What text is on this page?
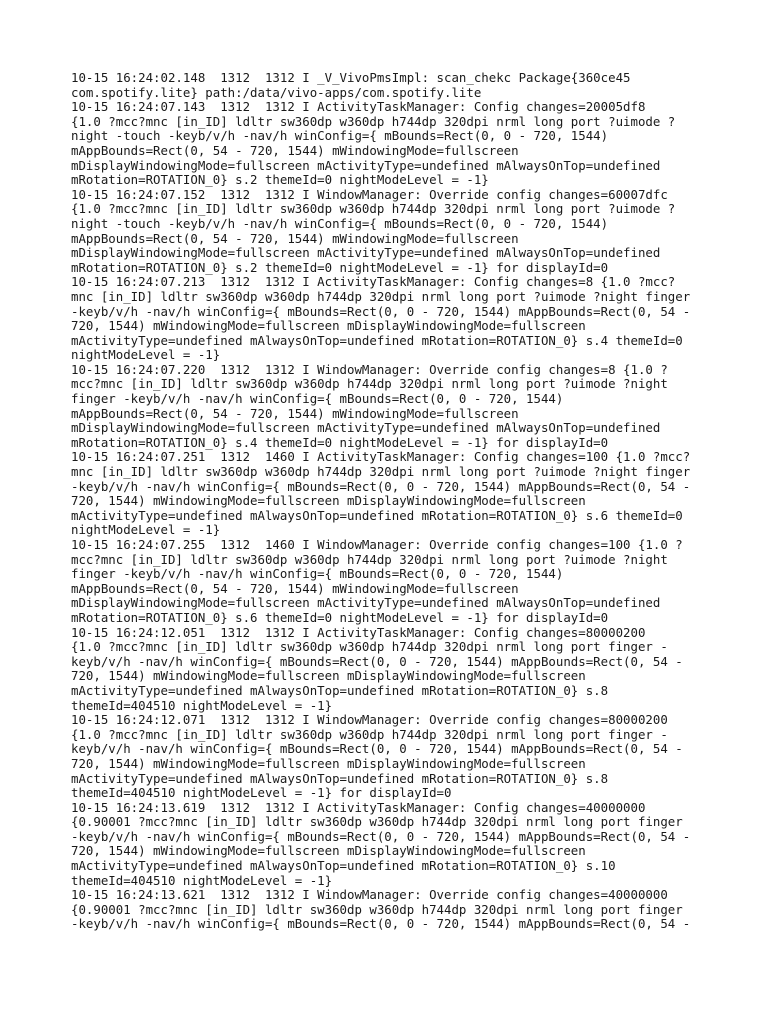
10-15 16:24:02.148  1312  1312 I _V_VivoPmsImpl: scan_chekc Package{360ce45
com.spotify.lite} path:/data/vivo-apps/com.spotify.lite
10-15 16:24:07.143  1312  1312 I ActivityTaskManager: Config changes=20005df8
{1.0 ?mcc?mnc [in_ID] ldltr sw360dp w360dp h744dp 320dpi nrml long port ?uimode ?
night -touch -keyb/v/h -nav/h winConfig={ mBounds=Rect(0, 0 - 720, 1544)
mAppBounds=Rect(0, 54 - 720, 1544) mWindowingMode=fullscreen
mDisplayWindowingMode=fullscreen mActivityType=undefined mAlwaysOnTop=undefined
mRotation=ROTATION_0} s.2 themeId=0 nightModeLevel = -1}
10-15 16:24:07.152  1312  1312 I WindowManager: Override config changes=60007dfc
{1.0 ?mcc?mnc [in_ID] ldltr sw360dp w360dp h744dp 320dpi nrml long port ?uimode ?
night -touch -keyb/v/h -nav/h winConfig={ mBounds=Rect(0, 0 - 720, 1544)
mAppBounds=Rect(0, 54 - 720, 1544) mWindowingMode=fullscreen
mDisplayWindowingMode=fullscreen mActivityType=undefined mAlwaysOnTop=undefined
mRotation=ROTATION_0} s.2 themeId=0 nightModeLevel = -1} for displayId=0
10-15 16:24:07.213  1312  1312 I ActivityTaskManager: Config changes=8 {1.0 ?mcc?
mnc [in_ID] ldltr sw360dp w360dp h744dp 320dpi nrml long port ?uimode ?night finger
-keyb/v/h -nav/h winConfig={ mBounds=Rect(0, 0 - 720, 1544) mAppBounds=Rect(0, 54 -
720, 1544) mWindowingMode=fullscreen mDisplayWindowingMode=fullscreen
mActivityType=undefined mAlwaysOnTop=undefined mRotation=ROTATION_0} s.4 themeId=0
nightModeLevel = -1}
10-15 16:24:07.220  1312  1312 I WindowManager: Override config changes=8 {1.0 ?
mcc?mnc [in_ID] ldltr sw360dp w360dp h744dp 320dpi nrml long port ?uimode ?night
finger -keyb/v/h -nav/h winConfig={ mBounds=Rect(0, 0 - 720, 1544)
mAppBounds=Rect(0, 54 - 720, 1544) mWindowingMode=fullscreen
mDisplayWindowingMode=fullscreen mActivityType=undefined mAlwaysOnTop=undefined
mRotation=ROTATION_0} s.4 themeId=0 nightModeLevel = -1} for displayId=0
10-15 16:24:07.251  1312  1460 I ActivityTaskManager: Config changes=100 {1.0 ?mcc?
mnc [in_ID] ldltr sw360dp w360dp h744dp 320dpi nrml long port ?uimode ?night finger
-keyb/v/h -nav/h winConfig={ mBounds=Rect(0, 0 - 720, 1544) mAppBounds=Rect(0, 54 -
720, 1544) mWindowingMode=fullscreen mDisplayWindowingMode=fullscreen
mActivityType=undefined mAlwaysOnTop=undefined mRotation=ROTATION_0} s.6 themeId=0
nightModeLevel = -1}
10-15 16:24:07.255  1312  1460 I WindowManager: Override config changes=100 {1.0 ?
mcc?mnc [in_ID] ldltr sw360dp w360dp h744dp 320dpi nrml long port ?uimode ?night
finger -keyb/v/h -nav/h winConfig={ mBounds=Rect(0, 0 - 720, 1544)
mAppBounds=Rect(0, 54 - 720, 1544) mWindowingMode=fullscreen
mDisplayWindowingMode=fullscreen mActivityType=undefined mAlwaysOnTop=undefined
mRotation=ROTATION_0} s.6 themeId=0 nightModeLevel = -1} for displayId=0
10-15 16:24:12.051  1312  1312 I ActivityTaskManager: Config changes=80000200
{1.0 ?mcc?mnc [in_ID] ldltr sw360dp w360dp h744dp 320dpi nrml long port finger -
keyb/v/h -nav/h winConfig={ mBounds=Rect(0, 0 - 720, 1544) mAppBounds=Rect(0, 54 -
720, 1544) mWindowingMode=fullscreen mDisplayWindowingMode=fullscreen
mActivityType=undefined mAlwaysOnTop=undefined mRotation=ROTATION_0} s.8
themeId=404510 nightModeLevel = -1}
10-15 16:24:12.071  1312  1312 I WindowManager: Override config changes=80000200
{1.0 ?mcc?mnc [in_ID] ldltr sw360dp w360dp h744dp 320dpi nrml long port finger -
keyb/v/h -nav/h winConfig={ mBounds=Rect(0, 0 - 720, 1544) mAppBounds=Rect(0, 54 -
720, 1544) mWindowingMode=fullscreen mDisplayWindowingMode=fullscreen
mActivityType=undefined mAlwaysOnTop=undefined mRotation=ROTATION_0} s.8
themeId=404510 nightModeLevel = -1} for displayId=0
10-15 16:24:13.619  1312  1312 I ActivityTaskManager: Config changes=40000000
{0.90001 ?mcc?mnc [in_ID] ldltr sw360dp w360dp h744dp 320dpi nrml long port finger
-keyb/v/h -nav/h winConfig={ mBounds=Rect(0, 0 - 720, 1544) mAppBounds=Rect(0, 54 -
720, 1544) mWindowingMode=fullscreen mDisplayWindowingMode=fullscreen
mActivityType=undefined mAlwaysOnTop=undefined mRotation=ROTATION_0} s.10
themeId=404510 nightModeLevel = -1}
10-15 16:24:13.621  1312  1312 I WindowManager: Override config changes=40000000
{0.90001 ?mcc?mnc [in_ID] ldltr sw360dp w360dp h744dp 320dpi nrml long port finger
-keyb/v/h -nav/h winConfig={ mBounds=Rect(0, 0 - 720, 1544) mAppBounds=Rect(0, 54 -
